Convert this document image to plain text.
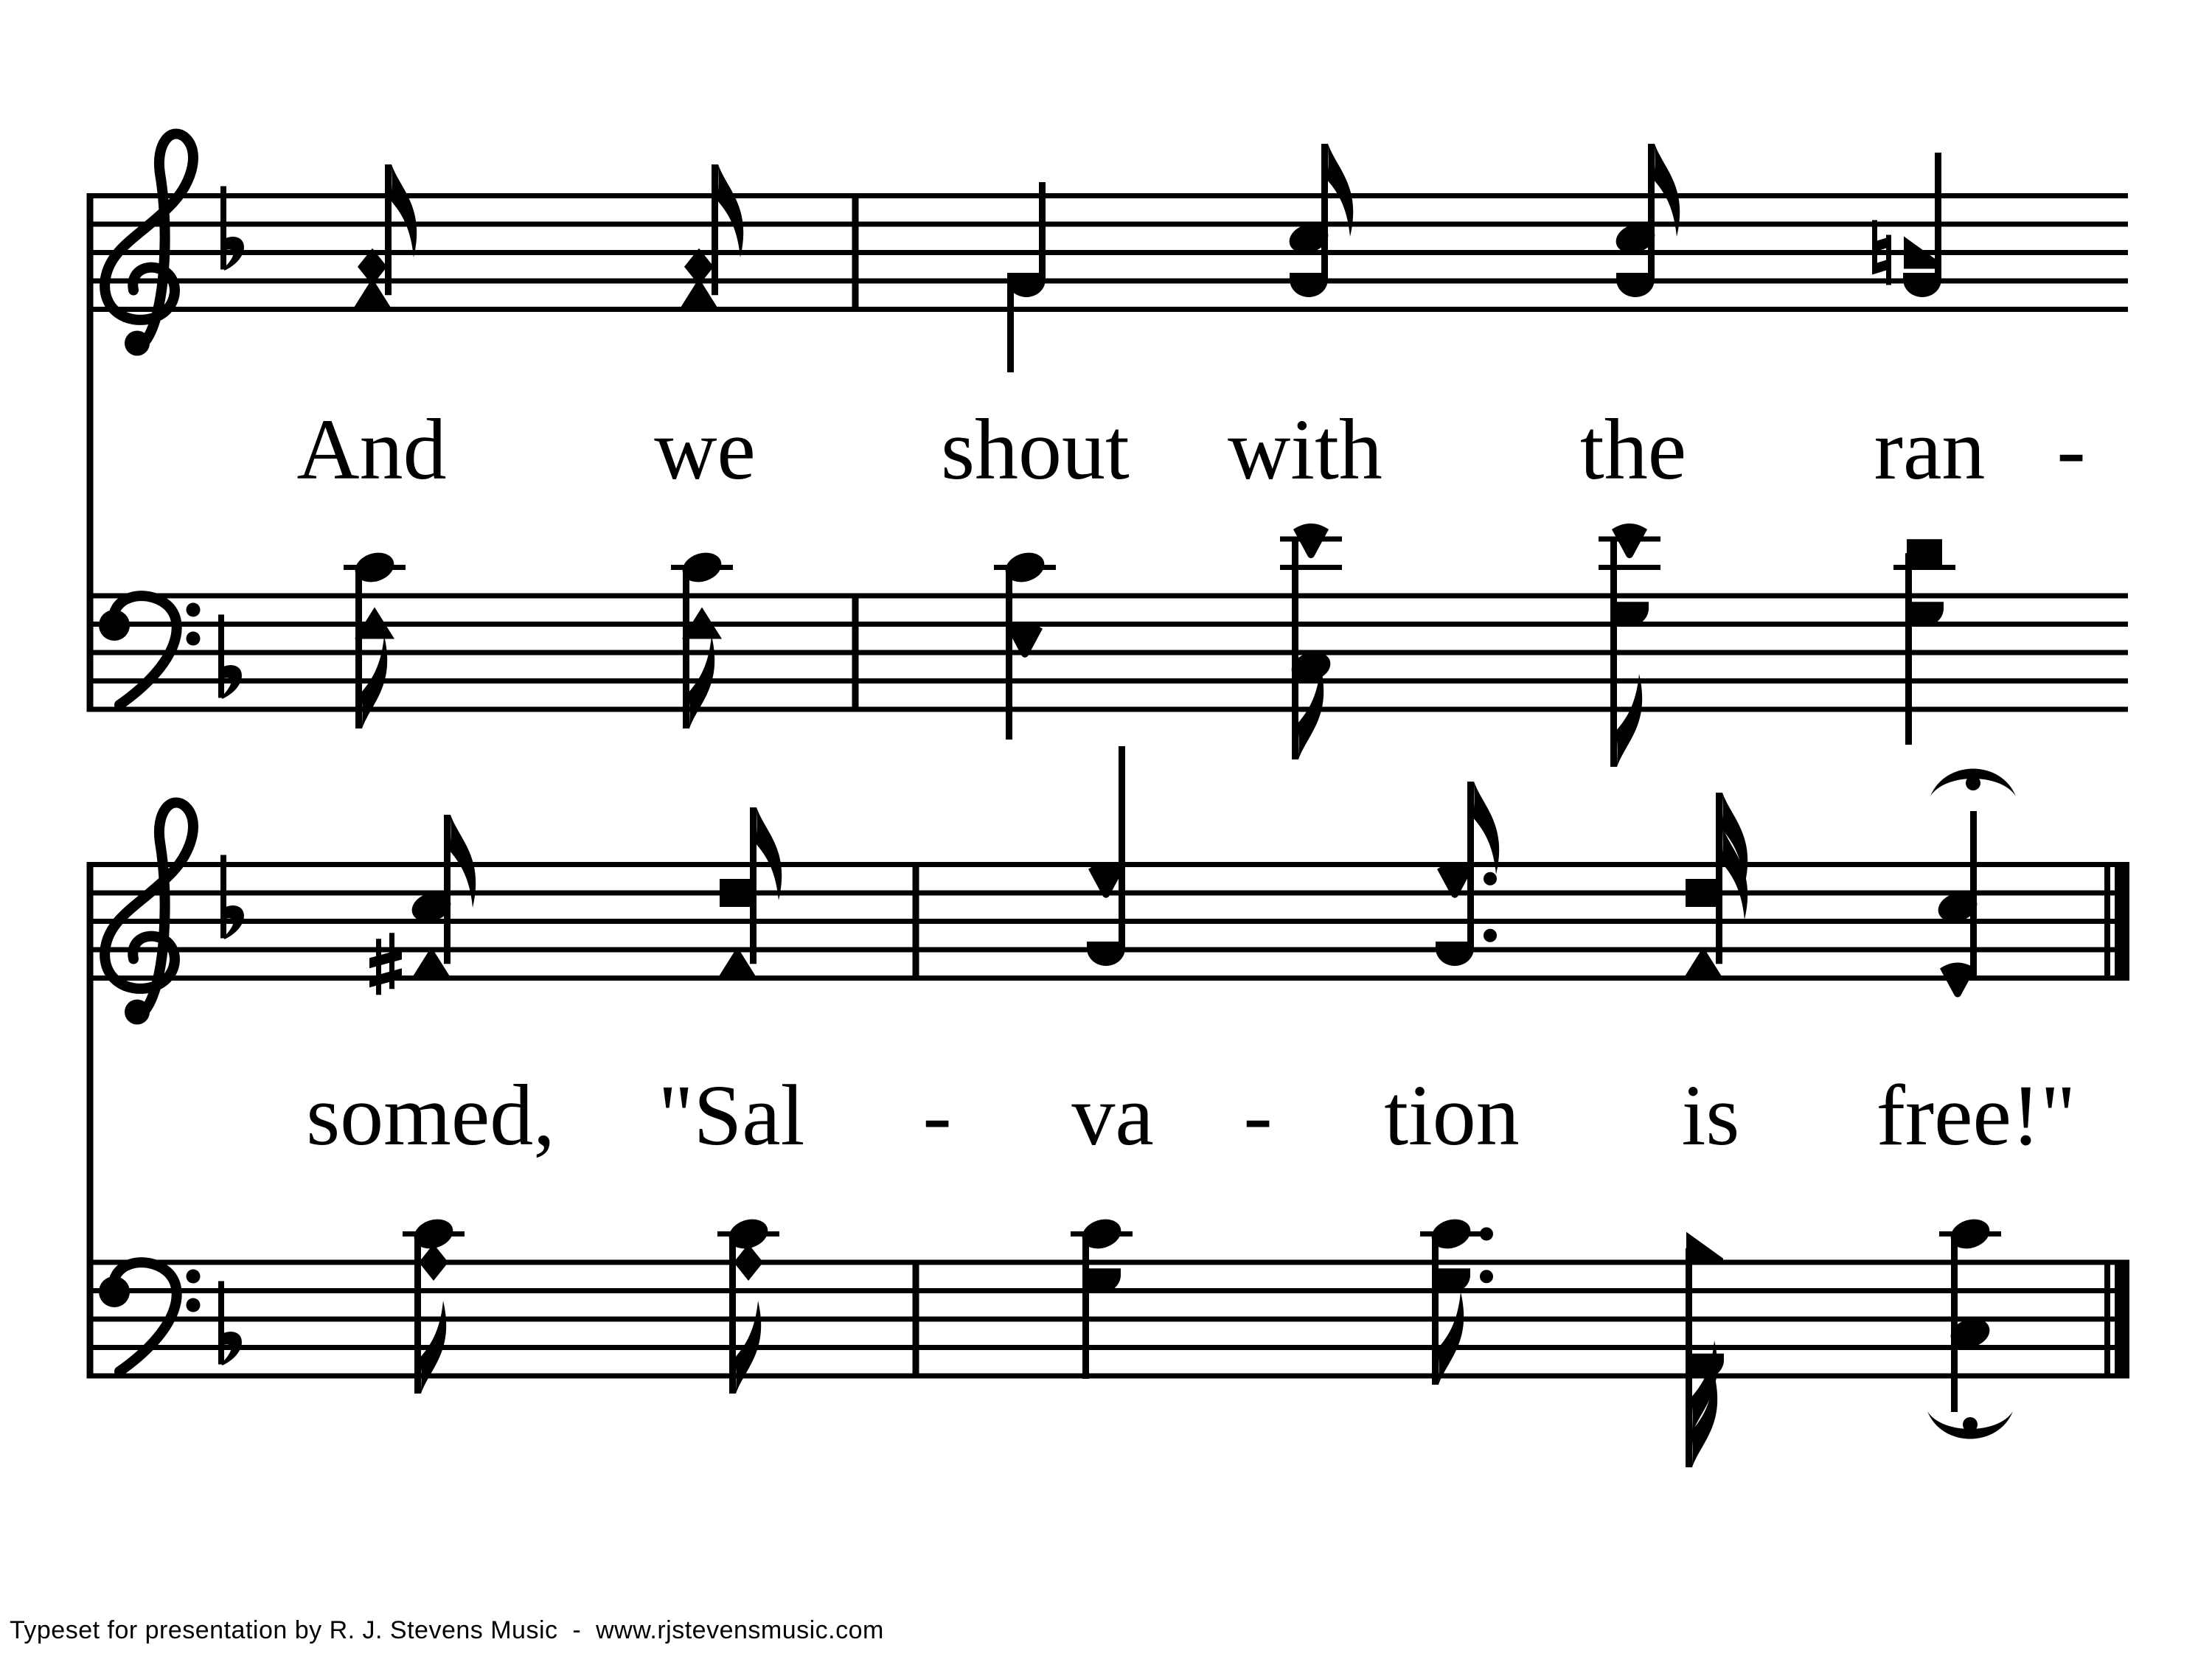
And we shout with the ran -
somed, "Sal - va - tion is free!"
Typeset for presentation by R. J. Stevens Music  -  www.rjstevensmusic.com
